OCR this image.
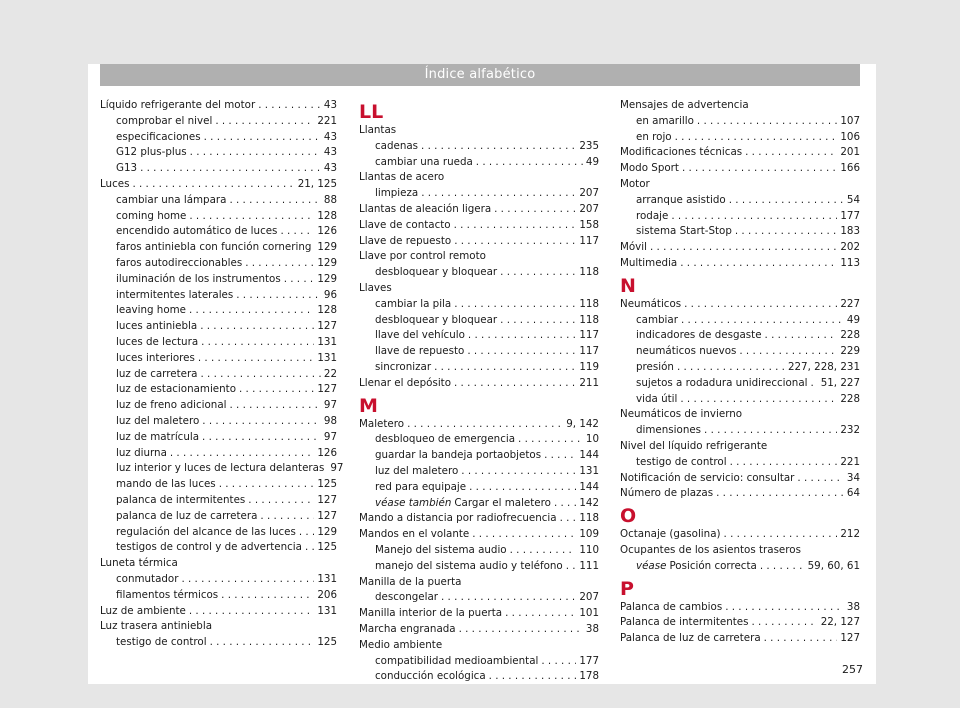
Índice alfabético
Líquido refrigerante del motor . . .	43
comprobar el nivel . . .	221
especificaciones . . .	43
G12 plus-plus . . .	43
G13 . . .	43
Luces . . .	21, 125
cambiar una lámpara . . .	88
coming home . . .	128
encendido automático de luces . . .	126
faros antiniebla con función cornering 129
faros autodireccionables . . .	129
iluminación de los instrumentos . . .	129
intermitentes laterales . . .	96
leaving home . . .	128
luces antiniebla . . .	127
luces de lectura . . .	131
luces interiores . . .	131
luz de carretera . . .	22
luz de estacionamiento . . .	127
luz de freno adicional . . .	97
luz del maletero . . .	98
luz de matrícula . . .	97
luz diurna . . .	126
luz interior y luces de lectura delanteras 97
mando de las luces . . .	125
palanca de intermitentes . . .	127
palanca de luz de carretera . . .	127
regulación del alcance de las luces . . . 129
testigos de control y de advertencia . . . 125
Luneta térmica
conmutador . . .	131
filamentos térmicos . . .	206
Luz de ambiente . . .	131
Luz trasera antiniebla
testigo de control . . .	125
LL
Llantas
cadenas . . .	235
cambiar una rueda . . .	49
Llantas de acero
limpieza . . .	207
Llantas de aleación ligera . . .	207
Llave de contacto . . .	158
Llave de repuesto . . .	117
Llave por control remoto
desbloquear y bloquear . . .	118
Llaves
cambiar la pila . . .	118
desbloquear y bloquear . . .	118
llave del vehículo . . .	117
llave de repuesto . . .	117
sincronizar . . .	119
Llenar el depósito . . .	211
M
Maletero . . .	9, 142
desbloqueo de emergencia . . .	10
guardar la bandeja portaobjetos . . .	144
luz del maletero . . .	131
red para equipaje . . .	144
véase también Cargar el maletero . . .	142
Mando a distancia por radiofrecuencia . . . 118
Mandos en el volante . . .	109
Manejo del sistema audio . . .	110
manejo del sistema audio y teléfono . . . 111
Manilla de la puerta
descongelar . . .	207
Manilla interior de la puerta . . .	101
Marcha engranada . . .	38
Medio ambiente
compatibilidad medioambiental . . .	177
conducción ecológica . . .	178
Mensajes de advertencia
en amarillo . . .	107
en rojo . . .	106
Modificaciones técnicas . . .	201
Modo Sport . . .	166
Motor
arranque asistido . . .	54
rodaje . . .	177
sistema Start-Stop . . .	183
Móvil . . .	202
Multimedia . . .	113
N
Neumáticos . . .	227
cambiar . . .	49
indicadores de desgaste . . .	228
neumáticos nuevos . . .	229
presión . . .	227, 228, 231
sujetos a rodadura unidireccional . . . 51, 227
vida útil . . .	228
Neumáticos de invierno
dimensiones . . .	232
Nivel del líquido refrigerante
testigo de control . . .	221
Notificación de servicio: consultar . . .	34
Número de plazas . . .	64
O
Octanaje (gasolina) . . .	212
Ocupantes de los asientos traseros
véase Posición correcta . . .	59, 60, 61
P
Palanca de cambios . . .	38
Palanca de intermitentes . . .	22, 127
Palanca de luz de carretera . . .	127
257
